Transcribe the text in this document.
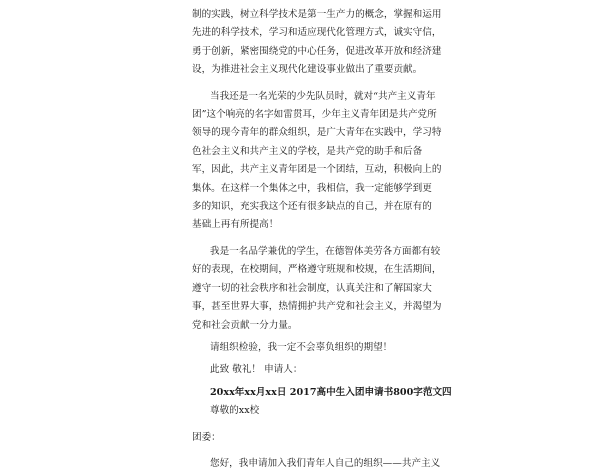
制的实践，树立科学技术是第一生产力的概念，掌握和运用
先进的科学技术，学习和适应现代化管理方式，诚实守信，
勇于创新，紧密围绕党的中心任务，促进改革开放和经济建
设，为推进社会主义现代化建设事业做出了重要贡献。
当我还是一名光荣的少先队员时，就对“共产主义青年
团”这个响亮的名字如雷贯耳，少年主义青年团是共产党所
领导的现今青年的群众组织，是广大青年在实践中，学习特
色社会主义和共产主义的学校，是共产党的助手和后备
军，因此，共产主义青年团是一个团结，互动，积极向上的
集体。在这样一个集体之中，我相信，我一定能够学到更
多的知识，充实我这个还有很多缺点的自己，并在原有的
基础上再有所提高！
我是一名品学兼优的学生，在德智体美劳各方面都有较
好的表现，在校期间，严格遵守班规和校规，在生活期间，
遵守一切的社会秩序和社会制度，认真关注和了解国家大
事，甚至世界大事，热情拥护共产党和社会主义，并渴望为
党和社会贡献一分力量。
请组织检验，我一定不会辜负组织的期望！
此致 敬礼！ 申请人：
20xx年xx月xx日 2017高中生入团申请书800字范文四
尊敬的xx校
团委：
您好，我申请加入我们青年人自己的组织——共产主义
